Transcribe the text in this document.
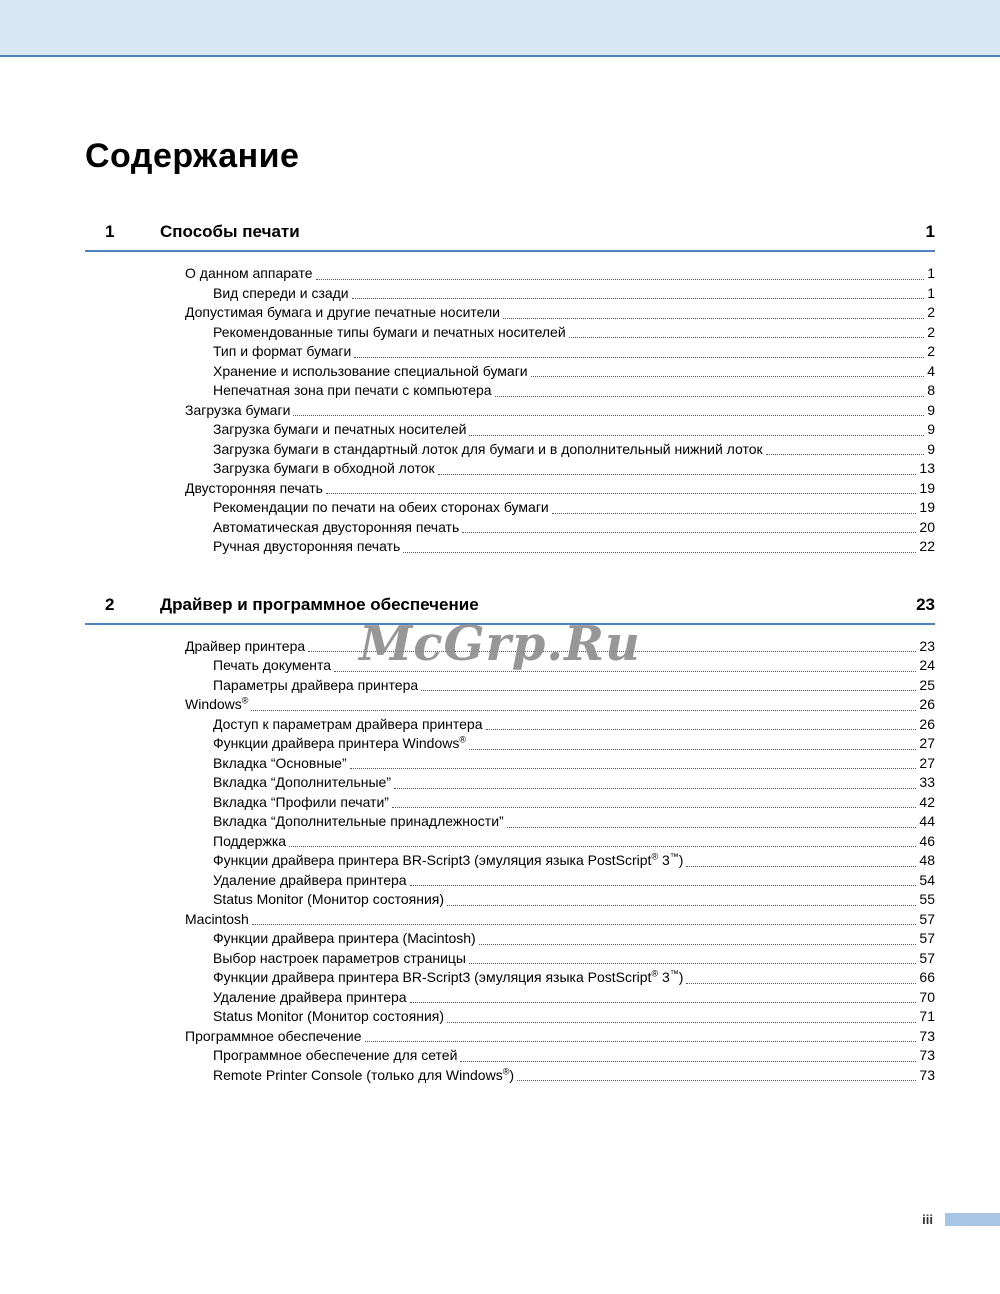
Содержание
1	Способы печати	1
О данном аппарате	1
Вид спереди и сзади	1
Допустимая бумага и другие печатные носители	2
Рекомендованные типы бумаги и печатных носителей	2
Тип и формат бумаги	2
Хранение и использование специальной бумаги	4
Непечатная зона при печати с компьютера	8
Загрузка бумаги	9
Загрузка бумаги и печатных носителей	9
Загрузка бумаги в стандартный лоток для бумаги и в дополнительный нижний лоток	9
Загрузка бумаги в обходной лоток	13
Двусторонняя печать	19
Рекомендации по печати на обеих сторонах бумаги	19
Автоматическая двусторонняя печать	20
Ручная двусторонняя печать	22
2	Драйвер и программное обеспечение	23
Драйвер принтера	23
Печать документа	24
Параметры драйвера принтера	25
Windows®	26
Доступ к параметрам драйвера принтера	26
Функции драйвера принтера Windows®	27
Вкладка “Основные”	27
Вкладка “Дополнительные”	33
Вкладка “Профили печати”	42
Вкладка “Дополнительные принадлежности”	44
Поддержка	46
Функции драйвера принтера BR-Script3 (эмуляция языка PostScript® 3™)	48
Удаление драйвера принтера	54
Status Monitor (Монитор состояния)	55
Macintosh	57
Функции драйвера принтера (Macintosh)	57
Выбор настроек параметров страницы	57
Функции драйвера принтера BR-Script3 (эмуляция языка PostScript® 3™)	66
Удаление драйвера принтера	70
Status Monitor (Монитор состояния)	71
Программное обеспечение	73
Программное обеспечение для сетей	73
Remote Printer Console (только для Windows®)	73
McGrp.Ru
iii
